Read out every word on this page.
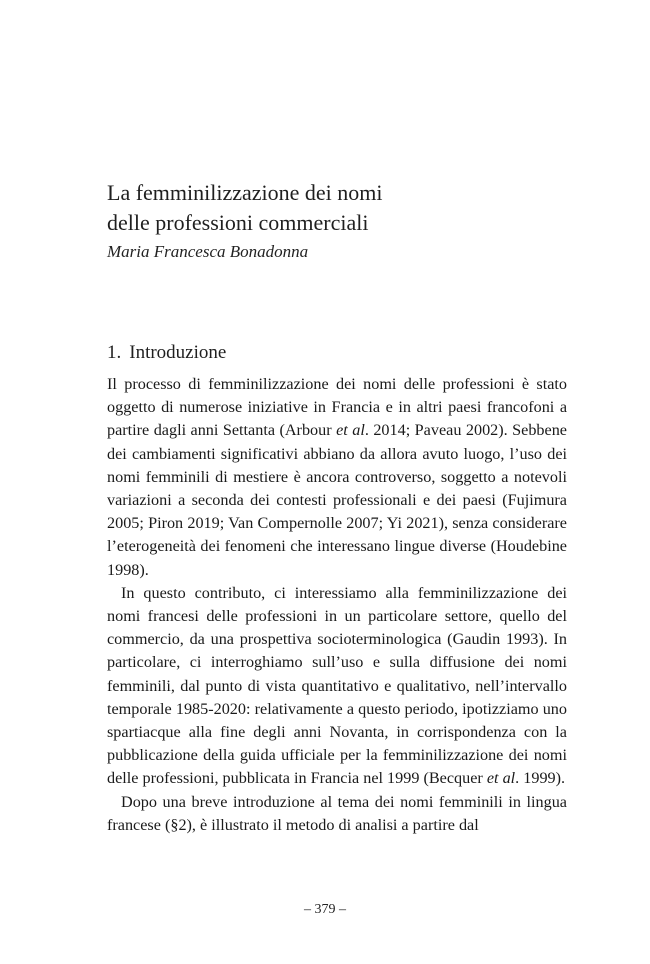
La femminilizzazione dei nomi
delle professioni commerciali
Maria Francesca Bonadonna
1. Introduzione

Il processo di femminilizzazione dei nomi delle professioni è stato oggetto di numerose iniziative in Francia e in altri paesi francofoni a partire dagli anni Settanta (Arbour et al. 2014; Paveau 2002). Sebbene dei cambiamenti significativi abbiano da allora avuto luogo, l’uso dei nomi femminili di mestiere è ancora controverso, soggetto a notevoli variazioni a seconda dei contesti professionali e dei paesi (Fujimura 2005; Piron 2019; Van Compernolle 2007; Yi 2021), senza considerare l’eterogeneità dei fenomeni che interessano lingue diverse (Houdebine 1998).

In questo contributo, ci interessiamo alla femminilizzazione dei nomi francesi delle professioni in un particolare settore, quello del commercio, da una prospettiva socioterminologica (Gaudin 1993). In particolare, ci interroghiamo sull’uso e sulla diffusione dei nomi femminili, dal punto di vista quantitativo e qualitativo, nell’intervallo temporale 1985-2020: relativamente a questo periodo, ipotizziamo uno spartiacque alla fine degli anni Novanta, in corrispondenza con la pubblicazione della guida ufficiale per la femminilizzazione dei nomi delle professioni, pubblicata in Francia nel 1999 (Becquer et al. 1999).

Dopo una breve introduzione al tema dei nomi femminili in lingua francese (§2), è illustrato il metodo di analisi a partire dal

– 379 –
